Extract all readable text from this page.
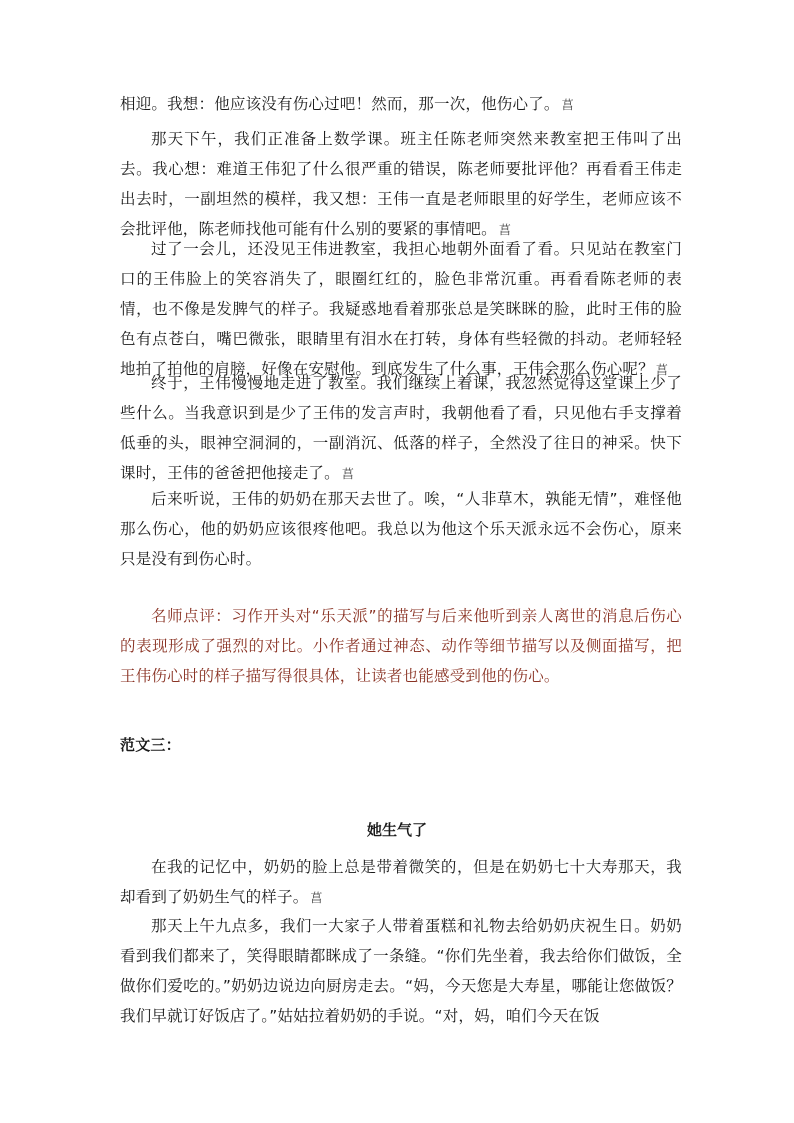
相迎。我想：他应该没有伤心过吧！然而，那一次，他伤心了。 菖

那天下午，我们正准备上数学课。班主任陈老师突然来教室把王伟叫了出去。我心想：难道王伟犯了什么很严重的错误，陈老师要批评他？再看看王伟走出去时，一副坦然的模样，我又想：王伟一直是老师眼里的好学生，老师应该不会批评他，陈老师找他可能有什么别的要紧的事情吧。 菖

过了一会儿，还没见王伟进教室，我担心地朝外面看了看。只见站在教室门口的王伟脸上的笑容消失了，眼圈红红的，脸色非常沉重。再看看陈老师的表情，也不像是发脾气的样子。我疑惑地看着那张总是笑眯眯的脸，此时王伟的脸色有点苍白，嘴巴微张，眼睛里有泪水在打转，身体有些轻微的抖动。老师轻轻地拍了拍他的肩膀，好像在安慰他。到底发生了什么事，王伟会那么伤心呢？ 菖

终于，王伟慢慢地走进了教室。我们继续上着课，我忽然觉得这堂课上少了些什么。当我意识到是少了王伟的发言声时，我朝他看了看，只见他右手支撑着低垂的头，眼神空洞洞的，一副消沉、低落的样子，全然没了往日的神采。快下课时，王伟的爸爸把他接走了。 菖

后来听说，王伟的奶奶在那天去世了。唉，“人非草木，孰能无情”，难怪他那么伤心，他的奶奶应该很疼他吧。我总以为他这个乐天派永远不会伤心，原来只是没有到伤心时。

名师点评：习作开头对“乐天派”的描写与后来他听到亲人离世的消息后伤心的表现形成了强烈的对比。小作者通过神态、动作等细节描写以及侧面描写，把王伟伤心时的样子描写得很具体，让读者也能感受到他的伤心。

范文三：

她生气了

在我的记忆中，奶奶的脸上总是带着微笑的，但是在奶奶七十大寿那天，我却看到了奶奶生气的样子。 菖

那天上午九点多，我们一大家子人带着蛋糕和礼物去给奶奶庆祝生日。奶奶看到我们都来了，笑得眼睛都眯成了一条缝。“你们先坐着，我去给你们做饭，全做你们爱吃的。”奶奶边说边向厨房走去。“妈，今天您是大寿星，哪能让您做饭？我们早就订好饭店了。”姑姑拉着奶奶的手说。“对，妈，咱们今天在饭
